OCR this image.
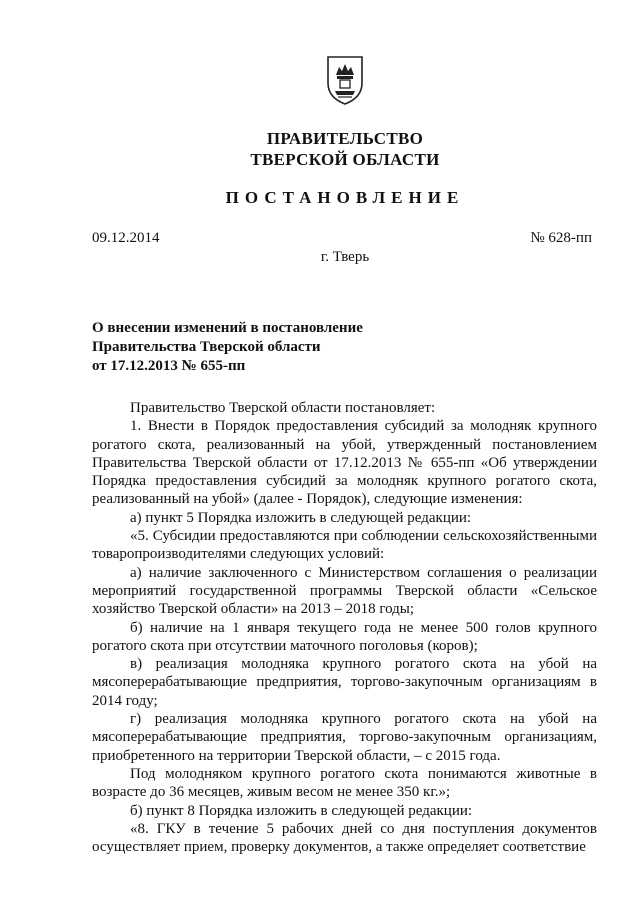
ПРАВИТЕЛЬСТВО
ТВЕРСКОЙ ОБЛАСТИ
ПОСТАНОВЛЕНИЕ
09.12.2014	№ 628-пп
г. Тверь
О внесении изменений в постановление
Правительства Тверской области
от 17.12.2013 № 655-пп

Правительство Тверской области постановляет:

1. Внести в Порядок предоставления субсидий за молодняк крупного рогатого скота, реализованный на убой, утвержденный постановлением Правительства Тверской области от 17.12.2013 № 655-пп «Об утверждении Порядка предоставления субсидий за молодняк крупного рогатого скота, реализованный на убой» (далее - Порядок), следующие изменения:

а) пункт 5 Порядка изложить в следующей редакции:

«5. Субсидии предоставляются при соблюдении сельскохозяйственными товаропроизводителями следующих условий:

а) наличие заключенного с Министерством соглашения о реализации мероприятий государственной программы Тверской области «Сельское хозяйство Тверской области» на 2013 – 2018 годы;

б) наличие на 1 января текущего года не менее 500 голов крупного рогатого скота при отсутствии маточного поголовья (коров);

в) реализация молодняка крупного рогатого скота на убой на мясоперерабатывающие предприятия, торгово-закупочным организациям в 2014 году;

г) реализация молодняка крупного рогатого скота на убой на мясоперерабатывающие предприятия, торгово-закупочным организациям, приобретенного на территории Тверской области, – с 2015 года.

Под молодняком крупного рогатого скота понимаются животные в возрасте до 36 месяцев, живым весом не менее 350 кг.»;

б) пункт 8 Порядка изложить в следующей редакции:

«8. ГКУ в течение 5 рабочих дней со дня поступления документов осуществляет прием, проверку документов, а также определяет соответствие
